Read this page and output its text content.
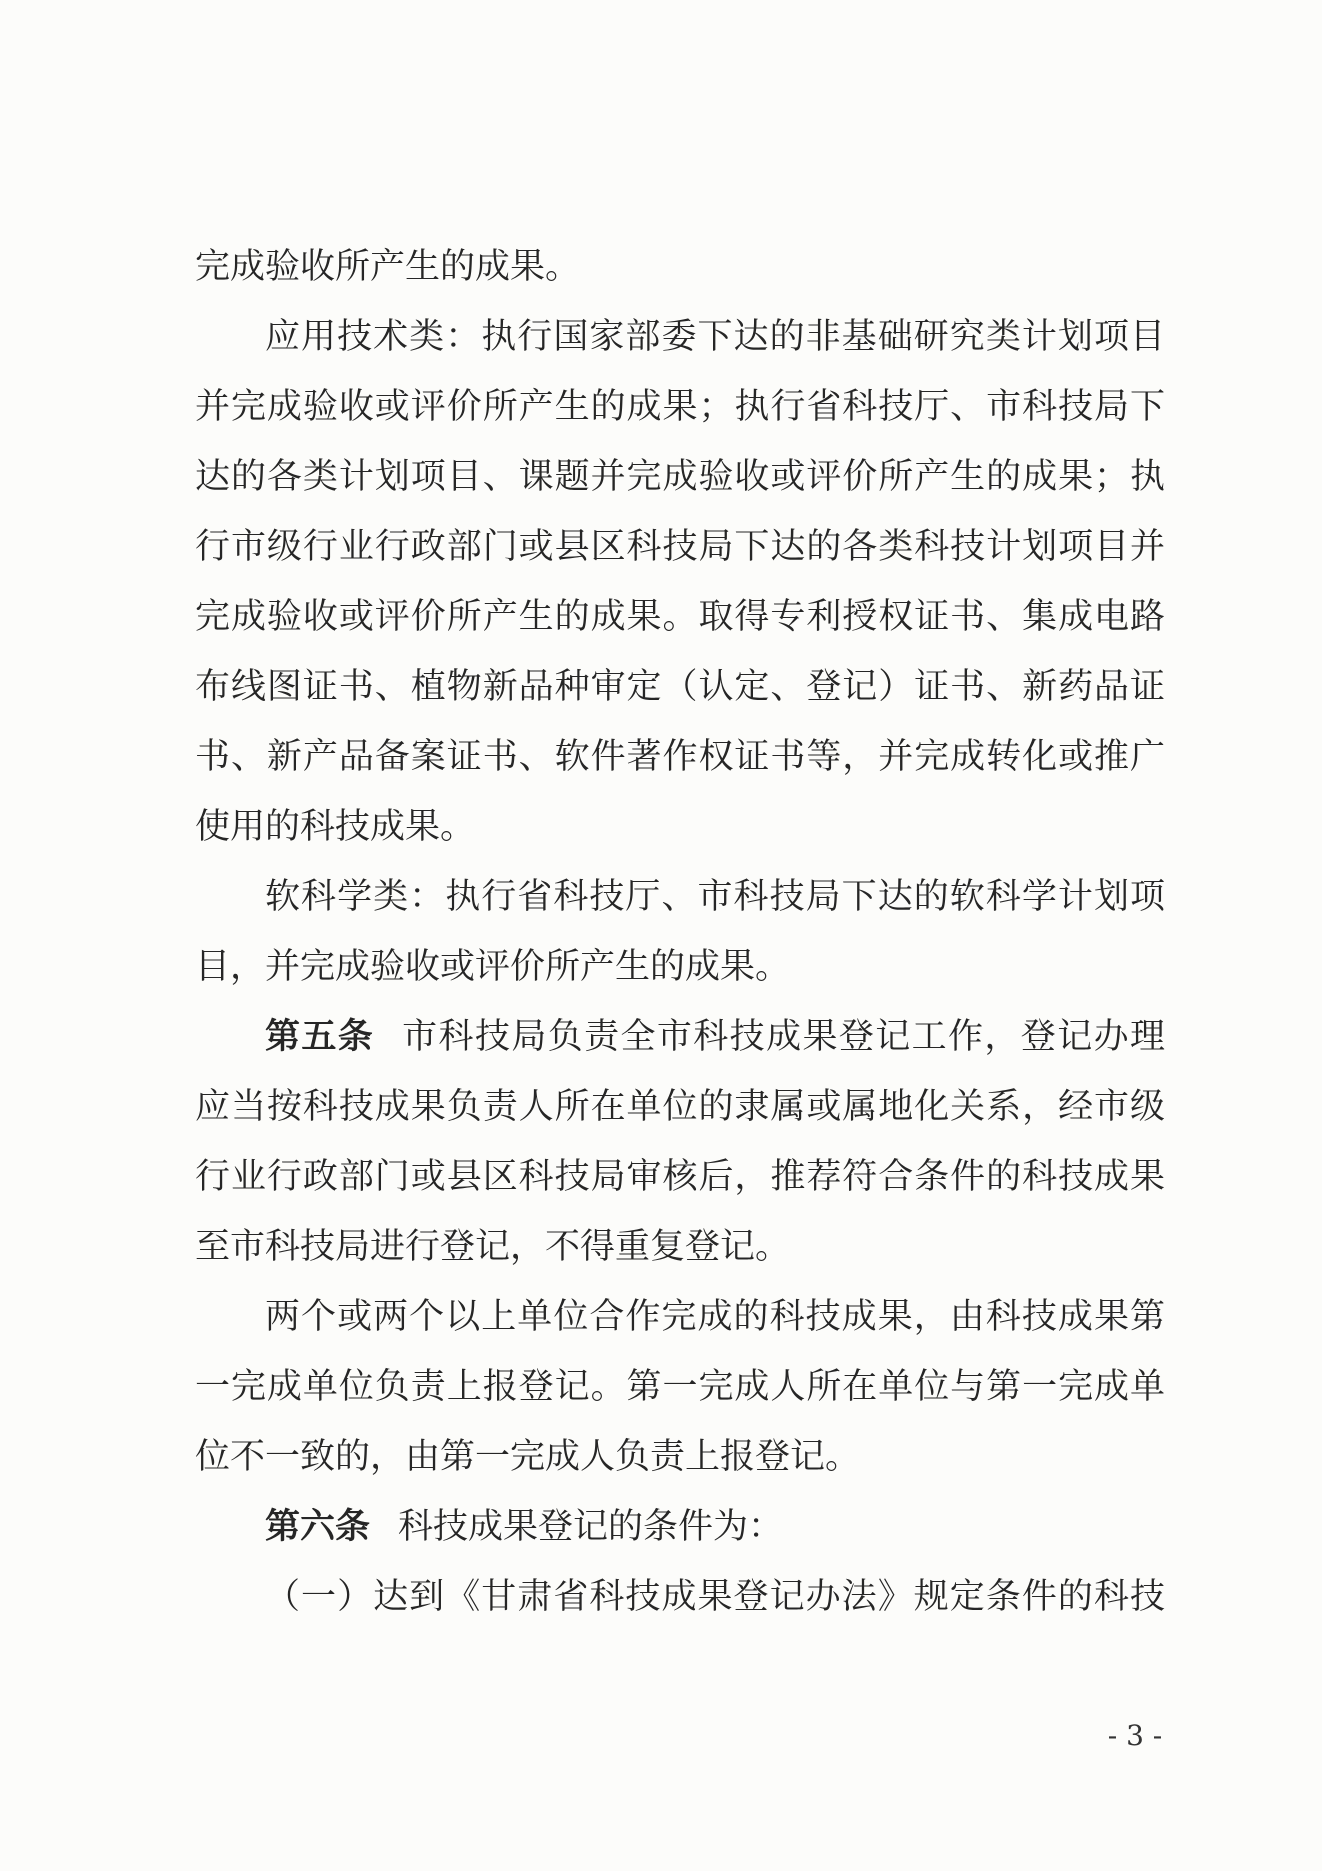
完成验收所产生的成果。
应用技术类：执行国家部委下达的非基础研究类计划项目
并完成验收或评价所产生的成果；执行省科技厅、市科技局下
达的各类计划项目、课题并完成验收或评价所产生的成果；执
行市级行业行政部门或县区科技局下达的各类科技计划项目并
完成验收或评价所产生的成果。取得专利授权证书、集成电路
布线图证书、植物新品种审定（认定、登记）证书、新药品证
书、新产品备案证书、软件著作权证书等，并完成转化或推广
使用的科技成果。
软科学类：执行省科技厅、市科技局下达的软科学计划项
目，并完成验收或评价所产生的成果。
第五条 市科技局负责全市科技成果登记工作，登记办理
应当按科技成果负责人所在单位的隶属或属地化关系，经市级
行业行政部门或县区科技局审核后，推荐符合条件的科技成果
至市科技局进行登记，不得重复登记。
两个或两个以上单位合作完成的科技成果，由科技成果第
一完成单位负责上报登记。第一完成人所在单位与第一完成单
位不一致的，由第一完成人负责上报登记。
第六条 科技成果登记的条件为：
（一）达到《甘肃省科技成果登记办法》规定条件的科技
- 3 -
